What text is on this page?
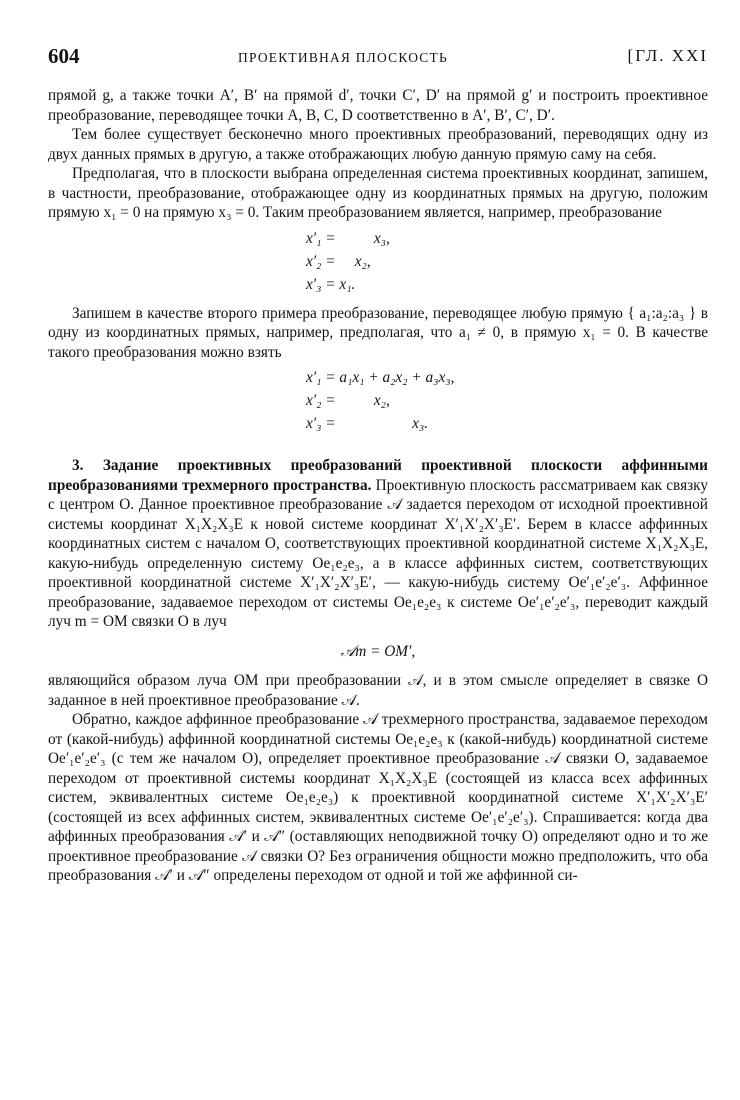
604	ПРОЕКТИВНАЯ ПЛОСКОСТЬ	[ГЛ. XXI

прямой g, а также точки A′, B′ на прямой d′, точки C′, D′ на прямой g′ и построить проективное преобразование, переводящее точки A, B, C, D соответственно в A′, B′, C′, D′.

Тем более существует бесконечно много проективных преобразований, переводящих одну из двух данных прямых в другую, а также отображающих любую данную прямую саму на себя.

Предполагая, что в плоскости выбрана определенная система проективных координат, запишем, в частности, преобразование, отображающее одну из координатных прямых на другую, положим прямую x₁ = 0 на прямую x₃ = 0. Таким преобразованием является, например, преобразование

x′₁ =          x₃,
x′₂ =     x₂,
x′₃ = x₁.

Запишем в качестве второго примера преобразование, переводящее любую прямую { a₁:a₂:a₃ } в одну из координатных прямых, например, предполагая, что a₁ ≠ 0, в прямую x₁ = 0. В качестве такого преобразования можно взять

x′₁ = a₁x₁ + a₂x₂ + a₃x₃,
x′₂ =          x₂,
x′₃ =                    x₃.

3. Задание проективных преобразований проективной плоскости аффинными преобразованиями трехмерного пространства. Проективную плоскость рассматриваем как связку с центром O. Данное проективное преобразование 𝒜 задается переходом от исходной проективной системы координат X₁X₂X₃E к новой системе координат X′₁X′₂X′₃E′. Берем в классе аффинных координатных систем с началом O, соответствующих проективной координатной системе X₁X₂X₃E, какую-нибудь определенную систему Oe₁e₂e₃, а в классе аффинных систем, соответствующих проективной координатной системе X′₁X′₂X′₃E′, — какую-нибудь систему Oe′₁e′₂e′₃. Аффинное преобразование, задаваемое переходом от системы Oe₁e₂e₃ к системе Oe′₁e′₂e′₃, переводит каждый луч m = OM связки O в луч

𝒜m = OM′,

являющийся образом луча OM при преобразовании 𝒜, и в этом смысле определяет в связке O заданное в ней проективное преобразование 𝒜.

Обратно, каждое аффинное преобразование 𝒜 трехмерного пространства, задаваемое переходом от (какой-нибудь) аффинной координатной системы Oe₁e₂e₃ к (какой-нибудь) координатной системе Oe′₁e′₂e′₃ (с тем же началом O), определяет проективное преобразование 𝒜 связки O, задаваемое переходом от проективной системы координат X₁X₂X₃E (состоящей из класса всех аффинных систем, эквивалентных системе Oe₁e₂e₃) к проективной координатной системе X′₁X′₂X′₃E′ (состоящей из всех аффинных систем, эквивалентных системе Oe′₁e′₂e′₃). Спрашивается: когда два аффинных преобразования 𝒜′ и 𝒜″ (оставляющих неподвижной точку O) определяют одно и то же проективное преобразование 𝒜 связки O? Без ограничения общности можно предположить, что оба преобразования 𝒜′ и 𝒜″ определены переходом от одной и той же аффинной си-
